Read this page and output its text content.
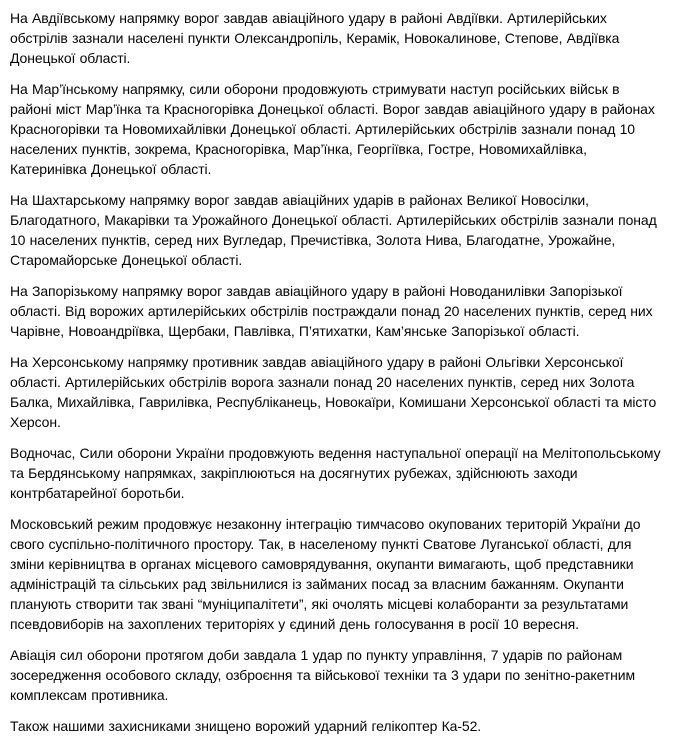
На Авдіївському напрямку ворог завдав авіаційного удару в районі Авдіївки. Артилерійських обстрілів зазнали населені пункти Олександропіль, Керамік, Новокалинове, Степове, Авдіївка Донецької області.

На Мар’їнському напрямку, сили оборони продовжують стримувати наступ російських військ в районі міст Мар’їнка та Красногорівка Донецької області. Ворог завдав авіаційного удару в районах Красногорівки та Новомихайлівки Донецької області. Артилерійських обстрілів зазнали понад 10 населених пунктів, зокрема, Красногорівка, Мар’їнка, Георгіївка, Гостре, Новомихайлівка, Катеринівка Донецької області.

На Шахтарському напрямку ворог завдав авіаційних ударів в районах Великої Новосілки, Благодатного, Макарівки та Урожайного Донецької області. Артилерійських обстрілів зазнали понад 10 населених пунктів, серед них Вугледар, Пречистівка, Золота Нива, Благодатне, Урожайне, Старомайорське Донецької області.

На Запорізькому напрямку ворог завдав авіаційного удару в районі Новоданилівки Запорізької області. Від ворожих артилерійських обстрілів постраждали понад 20 населених пунктів, серед них Чарівне, Новоандріївка, Щербаки, Павлівка, П’ятихатки, Кам’янське Запорізької області.

На Херсонському напрямку противник завдав авіаційного удару в районі Ольгівки Херсонської області. Артилерійських обстрілів ворога зазнали понад 20 населених пунктів, серед них Золота Балка, Михайлівка, Гаврилівка, Республіканець, Новокаїри, Комишани Херсонської області та місто Херсон.

Водночас, Сили оборони України продовжують ведення наступальної операції на Мелітопольському та Бердянському напрямках, закріплюються на досягнутих рубежах, здійснюють заходи контрбатарейної боротьби.

Московський режим продовжує незаконну інтеграцію тимчасово окупованих територій України до свого суспільно-політичного простору. Так, в населеному пункті Сватове Луганської області, для зміни керівництва в органах місцевого самоврядування, окупанти вимагають, щоб представники адміністрацій та сільських рад звільнилися із займаних посад за власним бажанням. Окупанти планують створити так звані “муніципалітети”, які очолять місцеві колаборанти за результатами псевдовиборів на захоплених територіях у єдиний день голосування в росії 10 вересня.

Авіація сил оборони протягом доби завдала 1 удар по пункту управління, 7 ударів по районам зосередження особового складу, озброєння та військової техніки та 3 удари по зенітно-ракетним комплексам противника.

Також нашими захисниками знищено ворожий ударний гелікоптер Ка-52.
